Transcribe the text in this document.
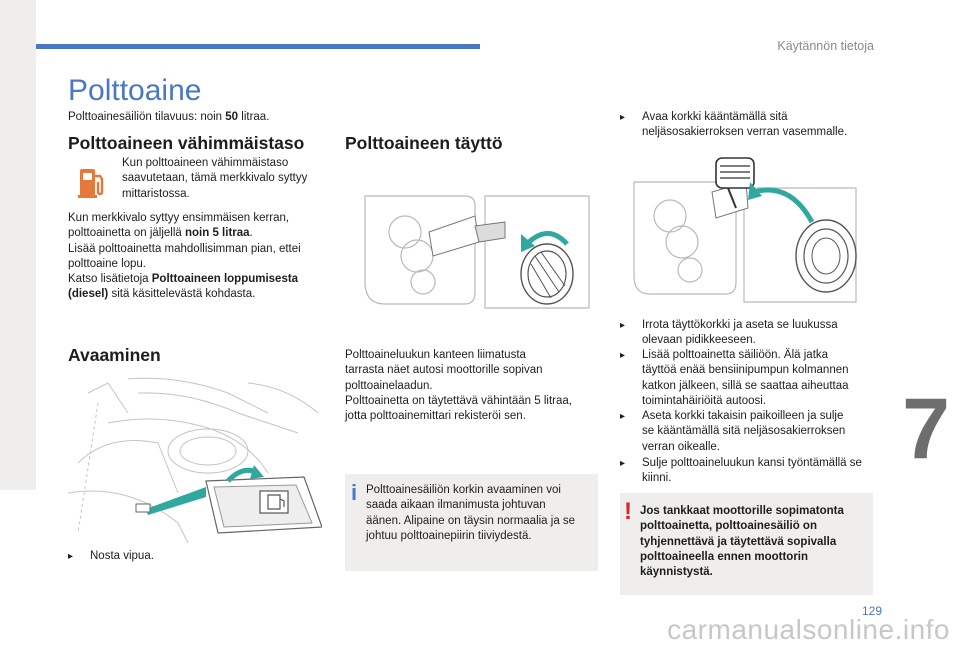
Käytännön tietoja
7
129
carmanualsonline.info
Polttoaine
Polttoainesäiliön tilavuus: noin 50 litraa.
Polttoaineen vähimmäistaso
Kun polttoaineen vähimmäistaso
saavutetaan, tämä merkkivalo syttyy
mittaristossa.
Kun merkkivalo syttyy ensimmäisen kerran,
polttoainetta on jäljellä noin 5 litraa.
Lisää polttoainetta mahdollisimman pian, ettei
polttoaine lopu.
Katso lisätietoja Polttoaineen loppumisesta
(diesel) sitä käsittelevästä kohdasta.
Avaaminen
▸ Nosta vipua.
Polttoaineen täyttö
Polttoaineluukun kanteen liimatusta
tarrasta näet autosi moottorille sopivan
polttoainelaadun.
Polttoainetta on täytettävä vähintään 5 litraa,
jotta polttoainemittari rekisteröi sen.
i Polttoainesäiliön korkin avaaminen voi
saada aikaan ilmanimusta johtuvan
äänen. Alipaine on täysin normaalia ja se
johtuu polttoainepiirin tiiviydestä.
▸ Avaa korkki kääntämällä sitä
neljäsosakierroksen verran vasemmalle.
▸ Irrota täyttökorkki ja aseta se luukussa
olevaan pidikkeeseen.
▸ Lisää polttoainetta säiliöön. Älä jatka
täyttöä enää bensiinipumpun kolmannen
katkon jälkeen, sillä se saattaa aiheuttaa
toimintahäiriöitä autoosi.
▸ Aseta korkki takaisin paikoilleen ja sulje
se kääntämällä sitä neljäsosakierroksen
verran oikealle.
▸ Sulje polttoaineluukun kansi työntämällä se
kiinni.
! Jos tankkaat moottorille sopimatonta
polttoainetta, polttoainesäiliö on
tyhjennettävä ja täytettävä sopivalla
polttoaineella ennen moottorin
käynnistystä.
